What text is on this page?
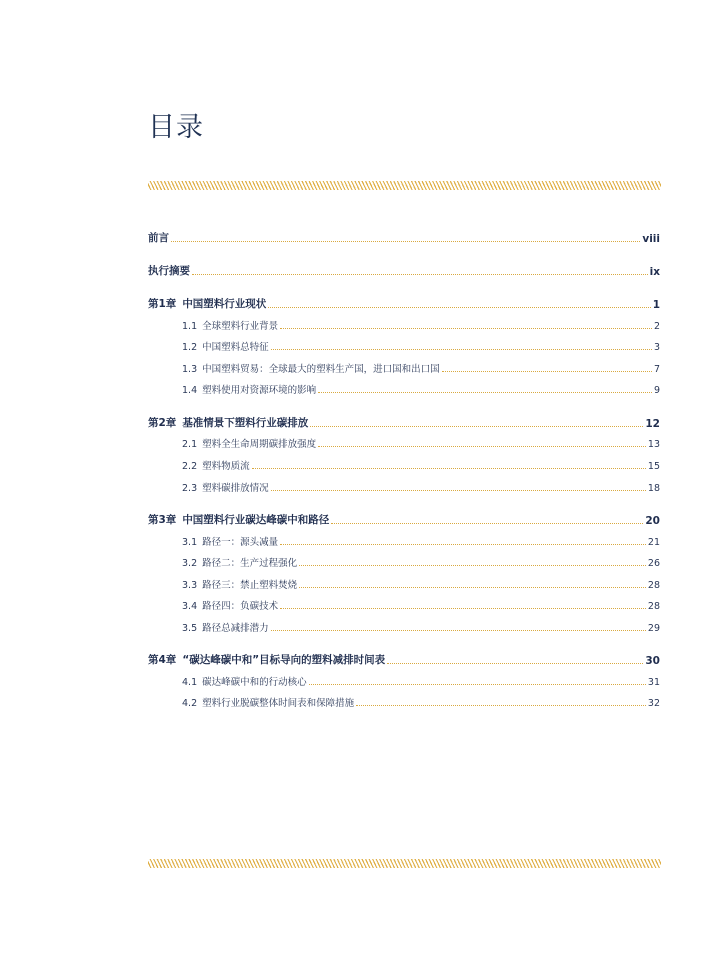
目录
前言	viii
执行摘要	ix
第1章 中国塑料行业现状	1
1.1 全球塑料行业背景	2
1.2 中国塑料总特征	3
1.3 中国塑料贸易：全球最大的塑料生产国，进口国和出口国	7
1.4 塑料使用对资源环境的影响	9
第2章 基准情景下塑料行业碳排放	12
2.1 塑料全生命周期碳排放强度	13
2.2 塑料物质流	15
2.3 塑料碳排放情况	18
第3章 中国塑料行业碳达峰碳中和路径	20
3.1 路径一：源头减量	21
3.2 路径二：生产过程强化	26
3.3 路径三：禁止塑料焚烧	28
3.4 路径四：负碳技术	28
3.5 路径总减排潜力	29
第4章 “碳达峰碳中和”目标导向的塑料减排时间表	30
4.1 碳达峰碳中和的行动核心	31
4.2 塑料行业脱碳整体时间表和保障措施	32
